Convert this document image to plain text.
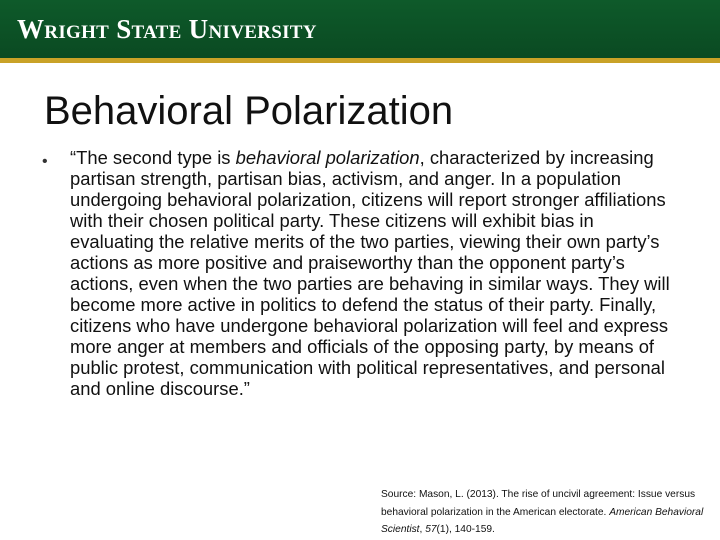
Wright State University
Behavioral Polarization
• “The second type is behavioral polarization, characterized by increasing partisan strength, partisan bias, activism, and anger. In a population undergoing behavioral polarization, citizens will report stronger affiliations with their chosen political party. These citizens will exhibit bias in evaluating the relative merits of the two parties, viewing their own party’s actions as more positive and praiseworthy than the opponent party’s actions, even when the two parties are behaving in similar ways. They will become more active in politics to defend the status of their party. Finally, citizens who have undergone behavioral polarization will feel and express more anger at members and officials of the opposing party, by means of public protest, communication with political representatives, and personal and online discourse.”
Source: Mason, L. (2013). The rise of uncivil agreement: Issue versus behavioral polarization in the American electorate. American Behavioral Scientist, 57(1), 140-159.
